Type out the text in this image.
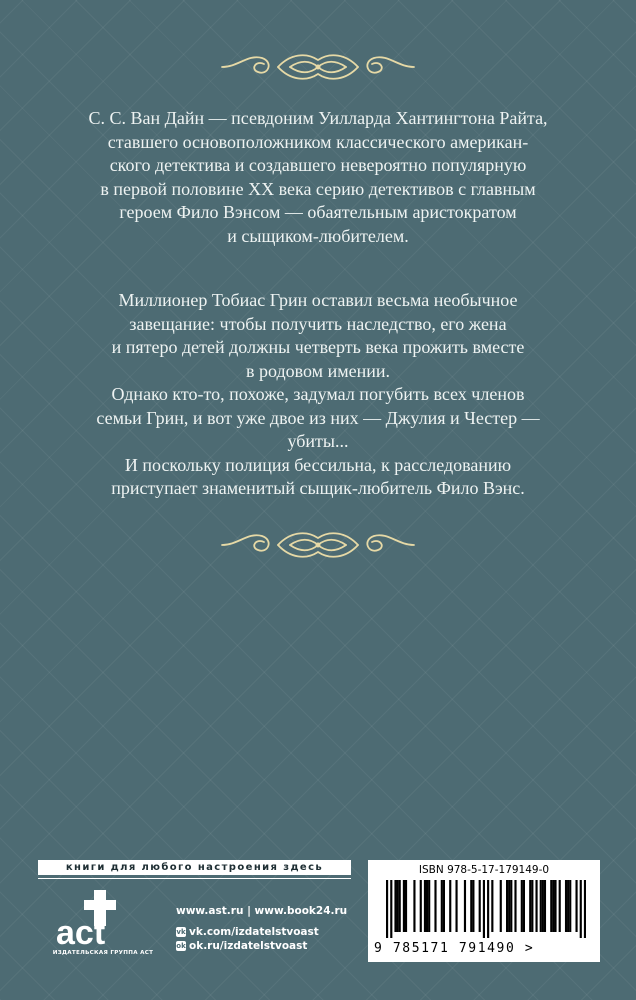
С. С. Ван Дайн — псевдоним Уилларда Хантингтона Райта,
ставшего основоположником классического американ-
ского детектива и создавшего невероятно популярную
в первой половине XX века серию детективов с главным
героем Фило Вэнсом — обаятельным аристократом
и сыщиком-любителем.
Миллионер Тобиас Грин оставил весьма необычное
завещание: чтобы получить наследство, его жена
и пятеро детей должны четверть века прожить вместе
в родовом имении.
Однако кто-то, похоже, задумал погубить всех членов
семьи Грин, и вот уже двое из них — Джулия и Честер —
убиты...
И поскольку полиция бессильна, к расследованию
приступает знаменитый сыщик-любитель Фило Вэнс.
книги для любого настроения здесь
act
ИЗДАТЕЛЬСКАЯ ГРУППА АСТ
www.ast.ru | www.book24.ru
vk vk.com/izdatelstvoast
ok ok.ru/izdatelstvoast
ISBN 978-5-17-179149-0
9 785171 791490 >
